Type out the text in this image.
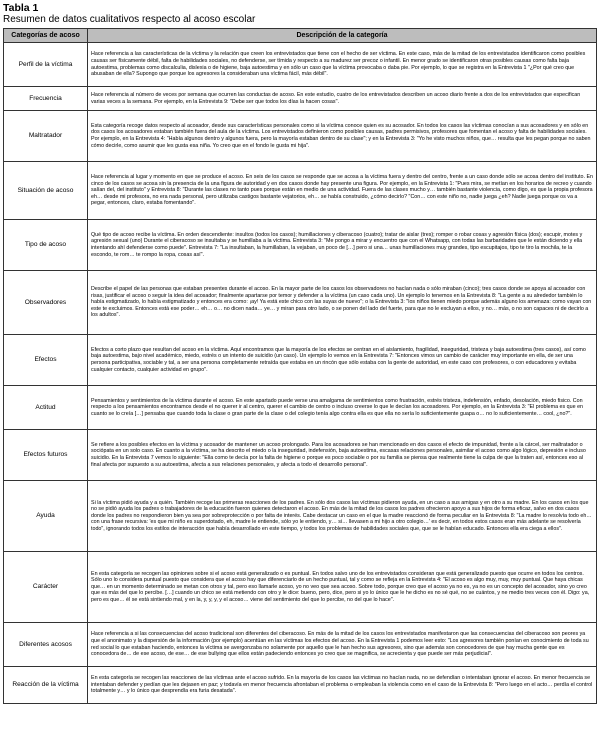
Tabla 1
Resumen de datos cualitativos respecto al acoso escolar
Categorías de acoso	Descripción de la categoría
Perfil de la víctima	Hace referencia a las características de la víctima y la relación que creen los entrevistados que tiene con el hecho de ser víctima. En este caso, más de la mitad de los entrevistados identificaron como posibles causas ser físicamente débil, falta de habilidades sociales, no defenderse, ser tímida y respecto a su madurez ser precoz o infantil. En menor grado se identificaron otras posibles causas como falta baja autoestima, problemas como discalculia, dislexia o de higiene, baja autoestima y en sólo un caso que la víctima provocaba o daba pie. Por ejemplo, lo que se registra en la Entrevista 1 "¿Por qué creo que abusaban de ella? Supongo que porque los agresores la consideraban una víctima fácil, más débil".
Frecuencia	Hace referencia al número de veces por semana que ocurren las conductas de acoso. En este estudio, cuatro de los entrevistados describen un acoso diario frente a dos de los entrevistados que especifican varias veces a la semana. Por ejemplo, en la Entrevista 9: "Debe ser que todos los días la hacen cosas".
Maltratador	Esta categoría recoge datos respecto al acosador, desde sus características personales como si la víctima conoce quien es su acosador. En todos los casos las víctimas conocían a sus acosadores y en sólo en dos casos los acosadores estaban también fuera del aula de la víctima. Los entrevistados definieron como posibles causas, padres permisivos, profesores que fomentan el acoso y falta de habilidades sociales. Por ejemplo, en la Entrevista 4: "Había algunos dentro y algunos fuera, pero la mayoría estaban dentro de su clase"; y en la Entrevista 3: "Yo he visto muchos niños, que… resulta que les pegan porque no saben cómo decirle, como asumir que les gusta esa niña. Yo creo que en el fondo le gusta mi hija".
Situación de acoso	Hace referencia al lugar y momento en que se produce el acoso. En seis de los casos se responde que se acosa a la víctima fuera y dentro del centro, frente a un caso donde sólo se acosa dentro del instituto. En cinco de los casos se acosa sin la presencia de la una figura de autoridad y en dos casos donde hay presente una figura. Por ejemplo, en la Entrevista 1: "Pues mira, se metían en los horarios de recreo y cuando salían del, del instituto" y Entrevista 8: "Durante las clases no tanto pues porque están en medio de una actividad. Fuera de las clases mucho y… también bastante violencia, como digo, es que la propia profesora eh… desde mi profesora, no era nada personal, pero utilizaba castigos bastante vejatorios, eh… se había construido, ¿cómo decirlo? "Con… con este niño no, nadie juega ¿eh? Nadie juega porque os va a pegar, entonces, claro, estaba fomentando".
Tipo de acoso	Qué tipo de acoso recibe la víctima. En orden descendiente: insultos (todos los casos); humillaciones y ciberacoso (cuatro); tratar de aislar (tres); romper o robar cosas y agresión física (dos); escupir, motes y agresión sexual (uno) Durante el ciberacoso se insultaba y se humillaba a la víctima. Entrevista 3: "Me pongo a mirar y encuentro que con el Whatsapp, con todas las barbaridades que le están diciendo y ella intentando ahí defenderse como puede". Entrevista 7: "La insultaban, la humillaban, la vejaban, un poco de […] pero si una… unas humillaciones muy grandes, tipo escupitajos, tipo te tiro la mochila, te la escondo, te rom… te rompo la ropa, cosas así".
Observadores	Describe el papel de las personas que estaban presentes durante el acoso. En la mayor parte de los casos los observadores no hacían nada o sólo miraban (cinco); tres casos donde se apoya al acosador con risas, justificar el acoso o seguir la idea del acosador; finalmente apartarse por temor y defender a la víctima (un caso cada uno). Un ejemplo lo tenemos en la Entrevista 8: "La gente a su alrededor también lo había estigmatizado, lo había estigmatizado y entonces era como: ¡ay! Ya está este chico con las suyas de nuevo"; o la Entrevista 3: "los niños tienen miedo porque además alguno los amenaza: como vayan con este te excluimos. Entonces está ese poder… eh… o… no dicen nada… ye… y miran para otro lado, o se ponen del lado del fuerte, para que no le excluyan a ellos, y no… más, o no son capaces ni de decirlo a los adultos".
Efectos	Efectos a corto plazo que resultan del acoso en la víctima. Aquí encontramos que la mayoría de los efectos se centran en el aislamiento, fragilidad, inseguridad, tristeza y baja autoestima (tres casos), así como baja autoestima, bajo nivel académico, miedo, estrés o un intento de suicidio (un caso). Un ejemplo lo vemos en la Entrevista 7: "Entonces vimos un cambio de carácter muy importante en ella, de ser una persona participativa, sociable y tal, a ser una persona completamente retraída que estaba en un rincón que sólo estaba con la gente de autoridad, en este caso con profesores, o con educadores y evitaba cualquier contacto, cualquier actividad en grupo".
Actitud	Pensamientos y sentimientos de la víctima durante el acoso. En este apartado puede verse una amalgama de sentimientos como frustración, estrés tristeza, indefensión, enfado, desolación, miedo fisico. Con respecto a los pensamientos encontramos desde el no querer ir al centro, querer el cambio de centro o incluso creerse lo que le decían los acosadores. Por ejemplo, en la Entrevista 3: "El problema es que en cuanto se lo creía […] pensaba que cuando toda la clase o gran parte de la clase o del colegio tenía algo contra ella es que ella no sería lo suficientemente guapa o… no lo suficientemente… cool, ¿no?".
Efectos futuros	Se refiere a los posibles efectos en la víctima y acosador de mantener un acoso prolongado. Para los acosadores se han mencionado en dos casos el efecto de impunidad, frente a la cárcel, ser maltratador o sociópata en un solo caso. En cuanto a la víctima, se ha descrito el miedo o la inseguridad, indefensión, baja autoestima, escasas relaciones personales, asimilar el acoso como algo lógico, depresión e incluso suicidio. En la Entrevista 7 vemos lo siguiente: "Ella como te decía por la falta de higiene o porque es poco sociable o por su familia se piensa que realmente tiene la culpa de que la traten así, entonces eso al final afecta por supuesto a su autoestima, afecta a sus relaciones personales, y afecta a todo el desarrollo personal".
Ayuda	Si la víctima pidió ayuda y a quién. También recoge las primeras reacciones de los padres. En sólo dos casos las víctimas pidieron ayuda, en un caso a sus amigas y en otro a su madre. En los casos en los que no se pidió ayuda los padres o trabajadores de la educación fueron quienes detectaron el acoso. En más de la mitad de los casos los padres ofrecieron apoyo a sus hijos de forma eficaz, salvo en dos casos donde los padres no respondieron bien ya sea por sobreprotección o por falta de interés. Cabe destacar un caso en el que la madre reaccionó de forma peculiar en la Entrevista 8: "La madre lo resolvía todo eh… con una frase recursiva: 'es que mi niño es superdotado, eh, madre le entiende, sólo yo le entiendo, y… si… llevasen a mi hijo a otro colegio…' es decir, en todos estos casos eran más adelante se resolvería todo", ignorando todos los estilos de interacción que había desarrollado en este tiempo, y todos los problemas de habilidades sociales que, que se le habían educado. Entonces ella era ciega a ellos".
Carácter	En esta categoría se recogen las opiniones sobre si el acoso está generalizado o es puntual. En todos salvo uno de los entrevistados consideran que está generalizado puesto que ocurre en todos los centros. Sólo uno lo considera puntual puesto que considera que el acoso hay que diferenciarlo de un hecho puntual, tal y como se refleja en la Entrevista 4: "El acoso es algo muy, muy, muy puntual. Que haya chicas que… en un momento determinado se metan con otros y tal, pero eso llamarle acoso, yo no veo que sea acoso. Sobre todo, porque creo que el acoso ya no es, ya no es un concepto del acosador, sino yo creo que es más del que lo percibe. […] cuando un chico se está metiendo con otro y le dice: bueno, pero, dice, pero si yo lo único que le he dicho es no sé qué, no se cuántos, y ne medio tres veces con él. Digo: ya, pero es que… él se está sintiendo mal, y en la, y, y, y, y el acoso… viene del sentimiento del que lo percibe, no del que lo hace".
Diferentes acosos	Hace referencia a si las consecuencias del acoso tradicional son diferentes del ciberacoso. En más de la mitad de los casos los entrevistados manifestaron que las consecuencias del ciberacoso son peores ya que el anonimato y la dispersión de la información (por ejemplo) acentúan en las víctimas los efectos del acoso. En la Entrevista 1 podemos leer esto: "Los agresores también ponían en conocimiento de toda su red social lo que estaban haciendo, entonces la víctima se avergonzaba no solamente por aquello que le han hecho sus agresores, sino que además son conocedores de que hay mucha gente que es conocedora de… de ese acoso, de ese… de ese bullying que ellos están padeciendo entonces yo creo que se magnifica, se acrecienta y que puede ser más perjudicial".
Reacción de la víctima	En esta categoría se recogen las reacciones de las víctimas ante el acoso sufrido. En la mayoría de los casos las víctimas no hacían nada, no se defendían o intentaban ignorar el acoso. En menor frecuencia se intentaban defender y pedían que les dejasen en paz; y todavía en menor frecuencia afrontaban el problema o empleaban la violencia como en el caso de la Entrevista 8: "Pero luego en el acto… perdía el control totalmente y… y lo único que desprendía era furia desatada".
